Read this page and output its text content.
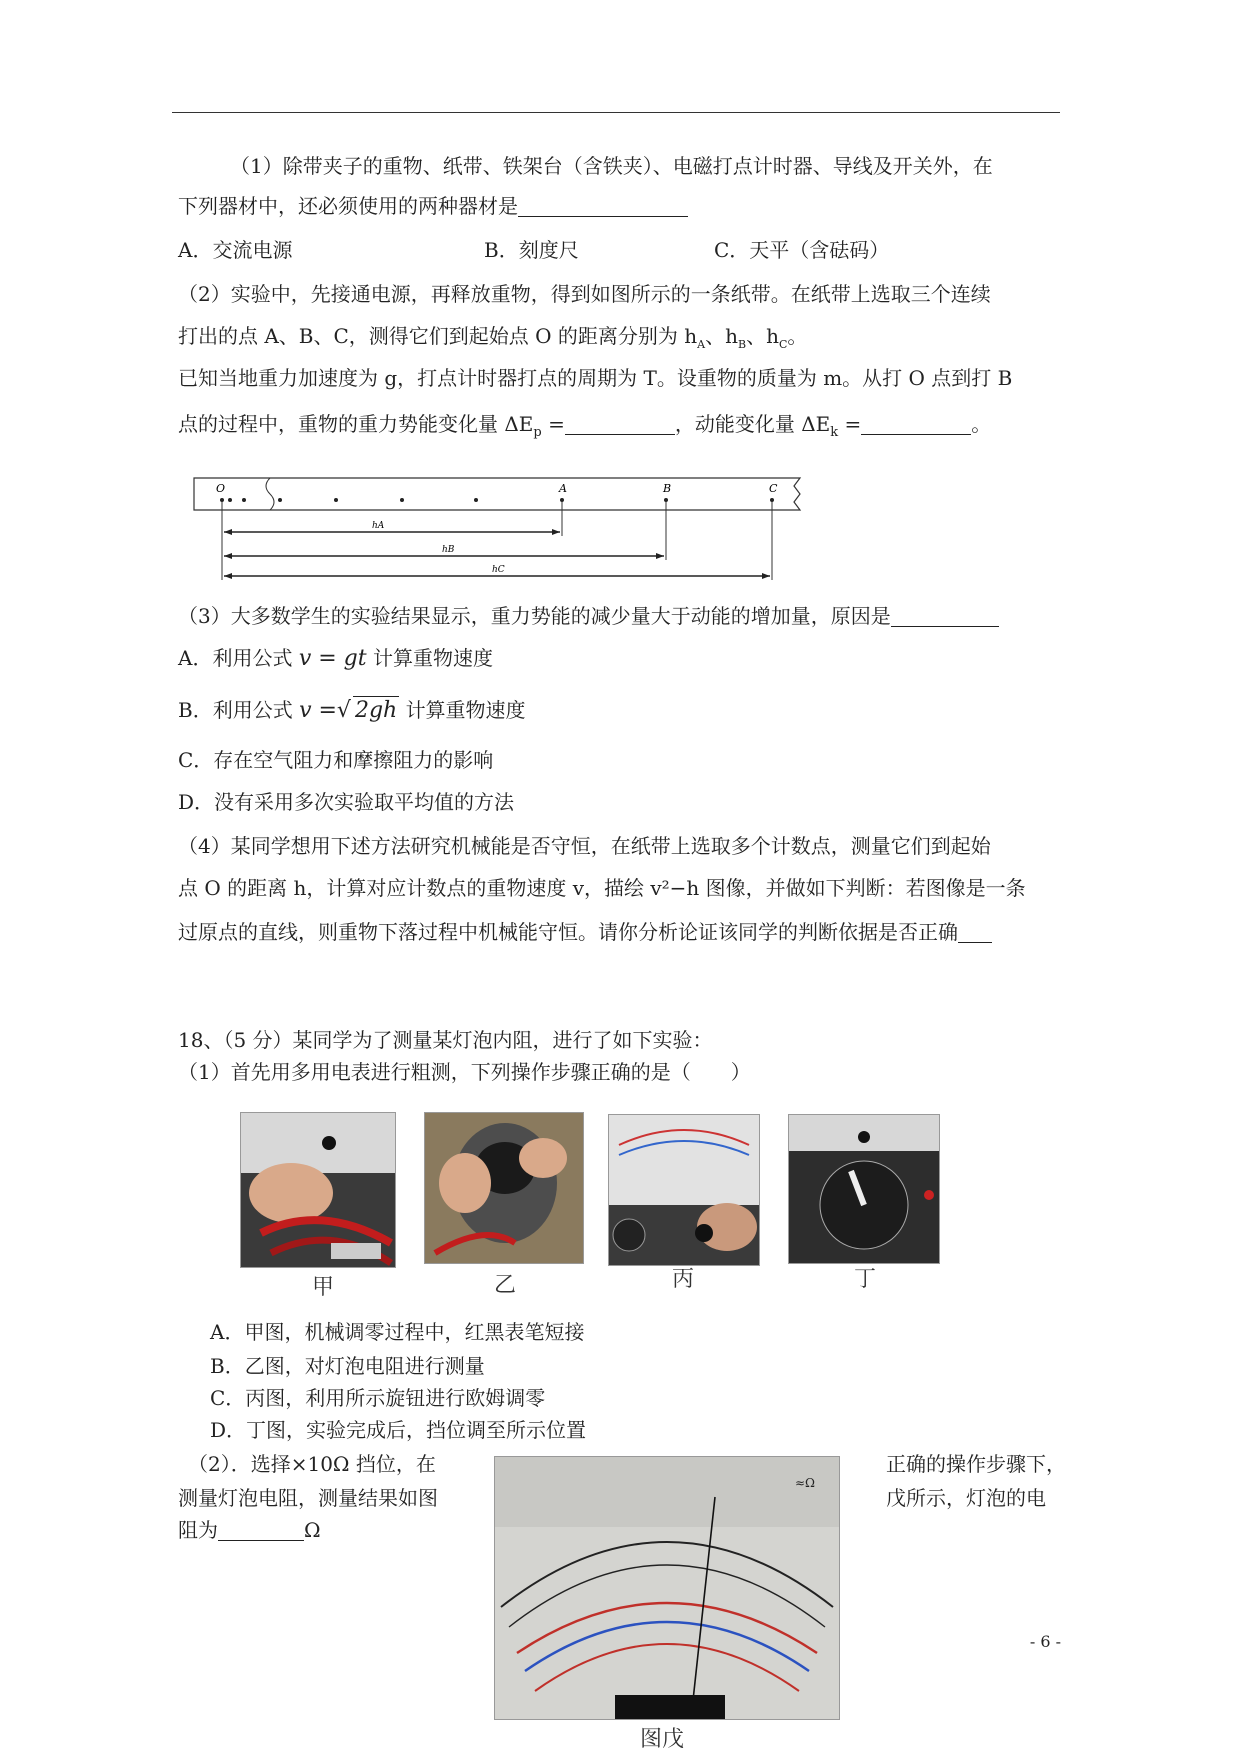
（1）除带夹子的重物、纸带、铁架台（含铁夹）、电磁打点计时器、导线及开关外，在
下列器材中，还必须使用的两种器材是
A．交流电源	B．刻度尺	C．天平（含砝码）
（2）实验中，先接通电源，再释放重物，得到如图所示的一条纸带。在纸带上选取三个连续
打出的点 A、B、C，测得它们到起始点 O 的距离分别为 $h_A$、$h_B$、$h_C$。
已知当地重力加速度为 g，打点计时器打点的周期为 T。设重物的质量为 m。从打 O 点到打 B
点的过程中，重物的重力势能变化量 $\Delta E_p$ =	，动能变化量 $\Delta E_k$ =	。
O	A	B	C
hA
hB
hC
（3）大多数学生的实验结果显示，重力势能的减少量大于动能的增加量，原因是
A．利用公式 v = gt 计算重物速度
B．利用公式 v =√ 2gh 计算重物速度
C．存在空气阻力和摩擦阻力的影响
D．没有采用多次实验取平均值的方法
（4）某同学想用下述方法研究机械能是否守恒，在纸带上选取多个计数点，测量它们到起始
点 O 的距离 h，计算对应计数点的重物速度 v，描绘 v²−h 图像，并做如下判断：若图像是一条
过原点的直线，则重物下落过程中机械能守恒。请你分析论证该同学的判断依据是否正确
18、（5 分）某同学为了测量某灯泡内阻，进行了如下实验：
（1）首先用多用电表进行粗测，下列操作步骤正确的是（　　）
甲	乙	丙	丁
A．甲图，机械调零过程中，红黑表笔短接
B．乙图，对灯泡电阻进行测量
C．丙图，利用所示旋钮进行欧姆调零
D．丁图，实验完成后，挡位调至所示位置
（2）．选择×10Ω 挡位，在	正确的操作步骤下，
测量灯泡电阻，测量结果如图	戊所示，灯泡的电
阻为	Ω
≈Ω
图戊
- 6 -
